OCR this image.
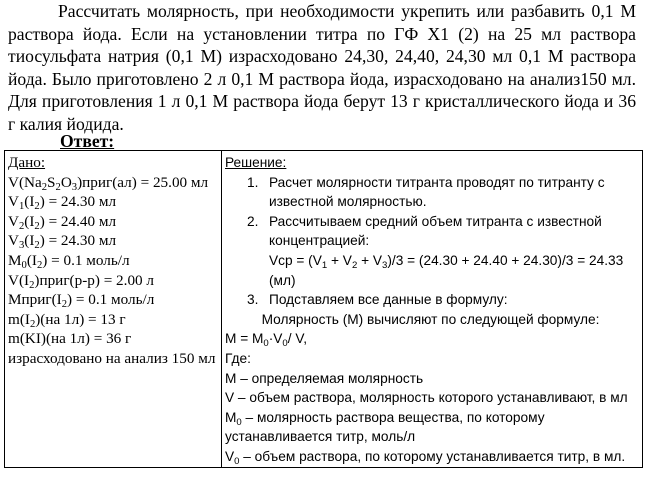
Рассчитать молярность, при необходимости укрепить или разбавить 0,1 М раствора йода. Если на установлении титра по ГФ Х1 (2) на 25 мл раствора тиосульфата натрия (0,1 М) израсходовано 24,30, 24,40, 24,30 мл 0,1 М раствора йода. Было приготовлено 2 л 0,1 М раствора йода, израсходовано на анализ150 мл. Для приготовления 1 л 0,1 М раствора йода берут 13 г кристаллического йода и 36 г калия йодида.

Ответ:

Дано:
$V(Na_2S_2O_3)приг(ал) = 25.00$ мл
$V_1(I_2) = 24.30$ мл
$V_2(I_2) = 24.40$ мл
$V_3(I_2) = 24.30$ мл
$M_0(I_2) = 0.1$ моль/л
$V(I_2)приг(р-р) = 2.00$ л
$Mприг(I_2) = 0.1$ моль/л
$m(I_2)(на$ 1л) = 13 г
m(KI)(на 1л) = 36 г
израсходовано на анализ 150 мл

Решение:
1. Расчет молярности титранта проводят по титранту с известной молярностью.
2. Рассчитываем средний объем титранта с известной концентрацией:
Vср = $(V_1 + V_2 + V_3)/3 = (24.30 + 24.40 + 24.30)/3 = 24.33$ (мл)
3. Подставляем все данные в формулу:
Молярность (М) вычисляют по следующей формуле:
$M = M_0\cdot V_0/$ V,
Где:
М – определяемая молярность
V – объем раствора, молярность которого устанавливают, в мл
$М_0$ – молярность раствора вещества, по которому устанавливается титр, моль/л
$V_0$ – объем раствора, по которому устанавливается титр, в мл.
